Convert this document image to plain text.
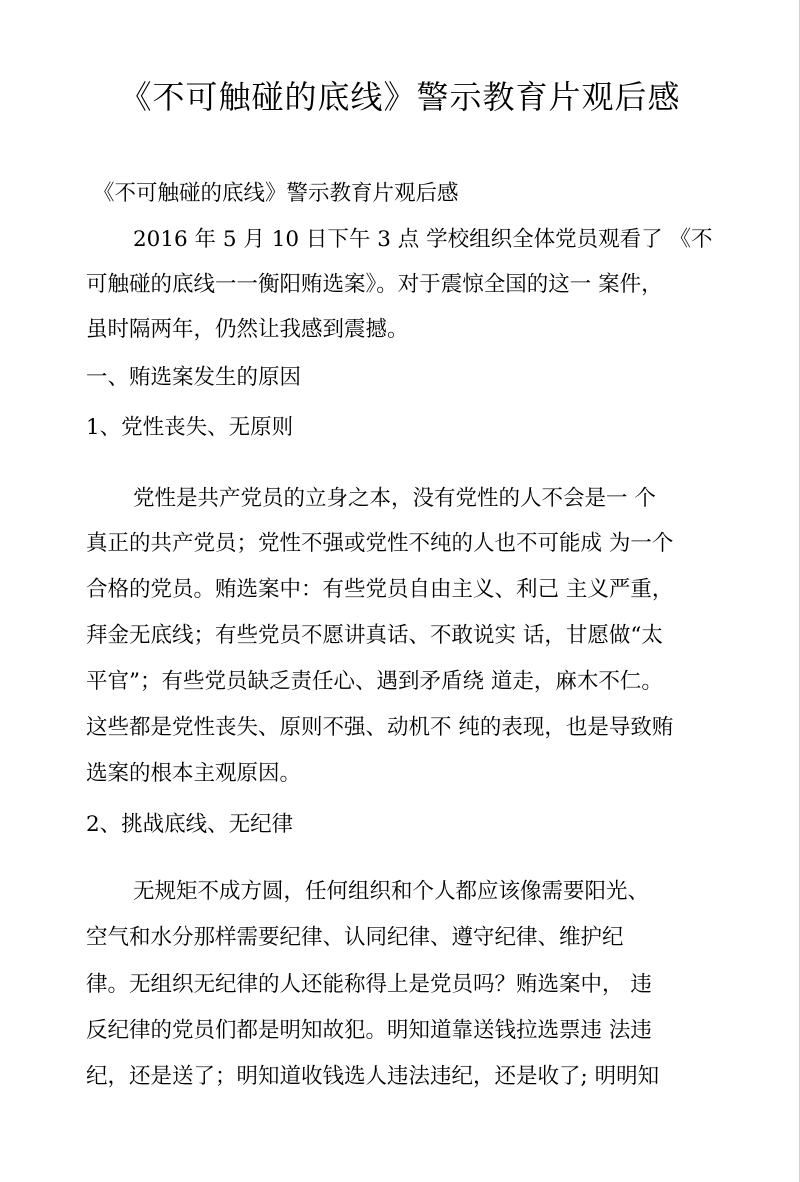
《不可触碰的底线》警示教育片观后感
《不可触碰的底线》警示教育片观后感
2016 年 5 月 10 日下午 3 点 学校组织全体党员观看了 《不
可触碰的底线一一衡阳贿选案》。对于震惊全国的这一 案件，
虽时隔两年，仍然让我感到震撼。
一、贿选案发生的原因
1、党性丧失、无原则
党性是共产党员的立身之本，没有党性的人不会是一 个
真正的共产党员；党性不强或党性不纯的人也不可能成 为一个
合格的党员。贿选案中：有些党员自由主义、利己 主义严重，
拜金无底线；有些党员不愿讲真话、不敢说实 话，甘愿做“太
平官”；有些党员缺乏责任心、遇到矛盾绕 道走，麻木不仁。
这些都是党性丧失、原则不强、动机不 纯的表现，也是导致贿
选案的根本主观原因。
2、挑战底线、无纪律
无规矩不成方圆，任何组织和个人都应该像需要阳光、
空气和水分那样需要纪律、认同纪律、遵守纪律、维护纪
律。无组织无纪律的人还能称得上是党员吗？贿选案中， 违
反纪律的党员们都是明知故犯。明知道靠送钱拉选票违 法违
纪，还是送了；明知道收钱选人违法违纪，还是收了; 明明知
